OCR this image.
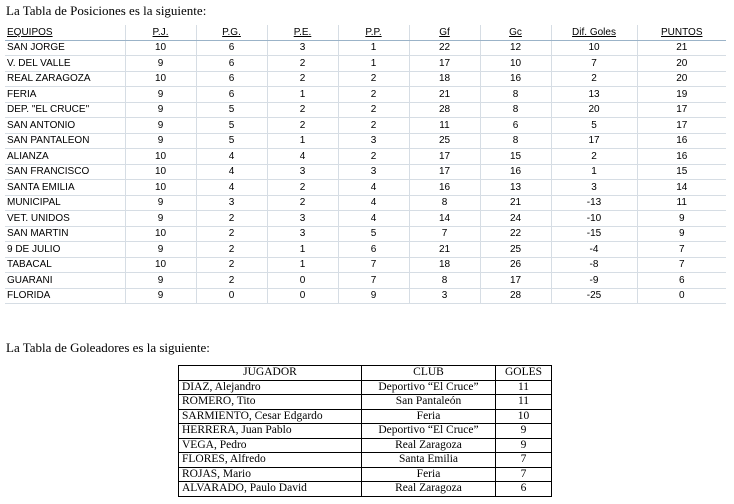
La Tabla de Posiciones es la siguiente:
EQUIPOS	P.J.	P.G.	P.E.	P.P.	Gf	Gc	Dif. Goles	PUNTOS
SAN JORGE	10	6	3	1	22	12	10	21
V. DEL VALLE	9	6	2	1	17	10	7	20
REAL ZARAGOZA	10	6	2	2	18	16	2	20
FERIA	9	6	1	2	21	8	13	19
DEP. "EL CRUCE"	9	5	2	2	28	8	20	17
SAN ANTONIO	9	5	2	2	11	6	5	17
SAN PANTALEON	9	5	1	3	25	8	17	16
ALIANZA	10	4	4	2	17	15	2	16
SAN FRANCISCO	10	4	3	3	17	16	1	15
SANTA EMILIA	10	4	2	4	16	13	3	14
MUNICIPAL	9	3	2	4	8	21	-13	11
VET. UNIDOS	9	2	3	4	14	24	-10	9
SAN MARTIN	10	2	3	5	7	22	-15	9
9 DE JULIO	9	2	1	6	21	25	-4	7
TABACAL	10	2	1	7	18	26	-8	7
GUARANI	9	2	0	7	8	17	-9	6
FLORIDA	9	0	0	9	3	28	-25	0
La Tabla de Goleadores es la siguiente:
JUGADOR	CLUB	GOLES
DIAZ, Alejandro	Deportivo “El Cruce”	11
ROMERO, Tito	San Pantaleón	11
SARMIENTO, Cesar Edgardo	Feria	10
HERRERA, Juan Pablo	Deportivo “El Cruce”	9
VEGA, Pedro	Real Zaragoza	9
FLORES, Alfredo	Santa Emilia	7
ROJAS, Mario	Feria	7
ALVARADO, Paulo David	Real Zaragoza	6
